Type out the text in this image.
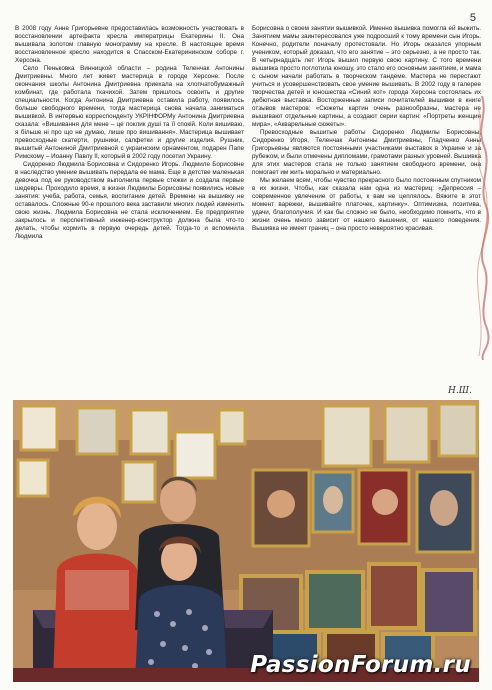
5

В 2008 году Анне Григорьевне предоставилась возможность участвовать в восстановлении артефакта кресла императрицы Екатерины II. Она вышивала золотом главную монограмму на кресле. В настоящее время восстановленное кресло находится в Спасском-Екатерининском соборе г. Херсона.

Село Пеньковка Винницкой области – родина Теленчак Антонины Дмитриевны. Много лет живет мастерица в городе Херсоне. После окончания школы Антонина Дмитриевна приехала на хлопчатобумажный комбинат, где работала ткачихой. Затем пришлось освоить и другие специальности. Когда Антонина Дмитриевна оставила работу, появилось больше свободного времени, тогда мастерица снова начала заниматься вышивкой. В интервью корреспонденту УКРІНФОРМу Антонина Дмитриевна сказала: «Вишивання для мене – це поклик душі та її спокій. Коли вишиваю, я більше ні про що не думаю, лише про вишивання». Мастерица вышивает превосходные скатерти, рушники, салфетки и другие изделия. Рушник, вышитый Антониной Дмитриевной с украинским орнаментом, подарен Папе Римскому – Иоанну Павлу II, который в 2002 году посетил Украину.

Сидоренко Людмила Борисовна и Сидоренко Игорь. Людмиле Борисовне в наследство умение вышивать передала ее мама. Еще в детстве маленькая девочка под ее руководством выполнила первые стежки и создала первые шедевры. Проходило время, в жизни Людмилы Борисовны появились новые занятия: учеба, работа, семья, воспитание детей. Времени на вышивку не оставалось. Сложные 90-е прошлого века заставили многих людей изменить свою жизнь. Людмила Борисовна не стала исключением. Ее предприятие закрылось и перспективный инженер-конструктор должна была что-то делать, чтобы кормить в первую очередь детей. Тогда-то и вспомнила Людмила

Борисовна о своем занятии вышивкой. Именно вышивка помогла ей выжить. Занятием мамы заинтересовался уже подросший к тому времени сын Игорь. Конечно, родители поначалу протестовали. Но Игорь оказался упорным учеником, который доказал, что его занятие – это серьезно, а не просто так. В четырнадцать лет Игорь вышил первую свою картину. С того времени вышивка просто поглотила юношу, это стало его основным занятием, и мама с сыном начали работать в творческом тандеме. Мастера не перестают учиться и усовершенствовать свое умение вышивать. В 2002 году в галерее творчества детей и юношества «Синий кот» города Херсона состоялась их дебютная выставка. Восторженные записи почитателей вышивки в книге отзывов мастеров: «Сюжеты картин очень разнообразны, мастера не вышивают отдельные картины, а создают серии картин: «Портреты женщин мира», «Акварельные сюжеты».

Превосходные вышитые работы Сидоренко Людмилы Борисовны, Сидоренко Игоря, Теленчак Антонины Дмитриевны, Гладченко Анны Григорьевны являются постоянными участниками выставок в Украине и за рубежом, и были отмечены дипломами, грамотами разных уровней. Вышивка для этих мастеров стала не только занятием свободного времени, она помогает им жить морально и материально.

Мы желаем всем, чтобы чувство прекрасного было постоянным спутником в их жизни. Чтобы, как сказала нам одна из мастериц: «Депрессия – современное увлечение от работы, к вам не цеплялось. Вяжите в этот момент варежки, вышивайте платочек, картинку». Оптимизма, позитива, удачи, благополучия. И как бы сложно не было, необходимо помнить, что в жизни очень много зависит от нашего вышения, от нашего поведения. Вышивка не имеет границ – она просто невероятно красивая.

Н.Ш.
PassionForum.ru
